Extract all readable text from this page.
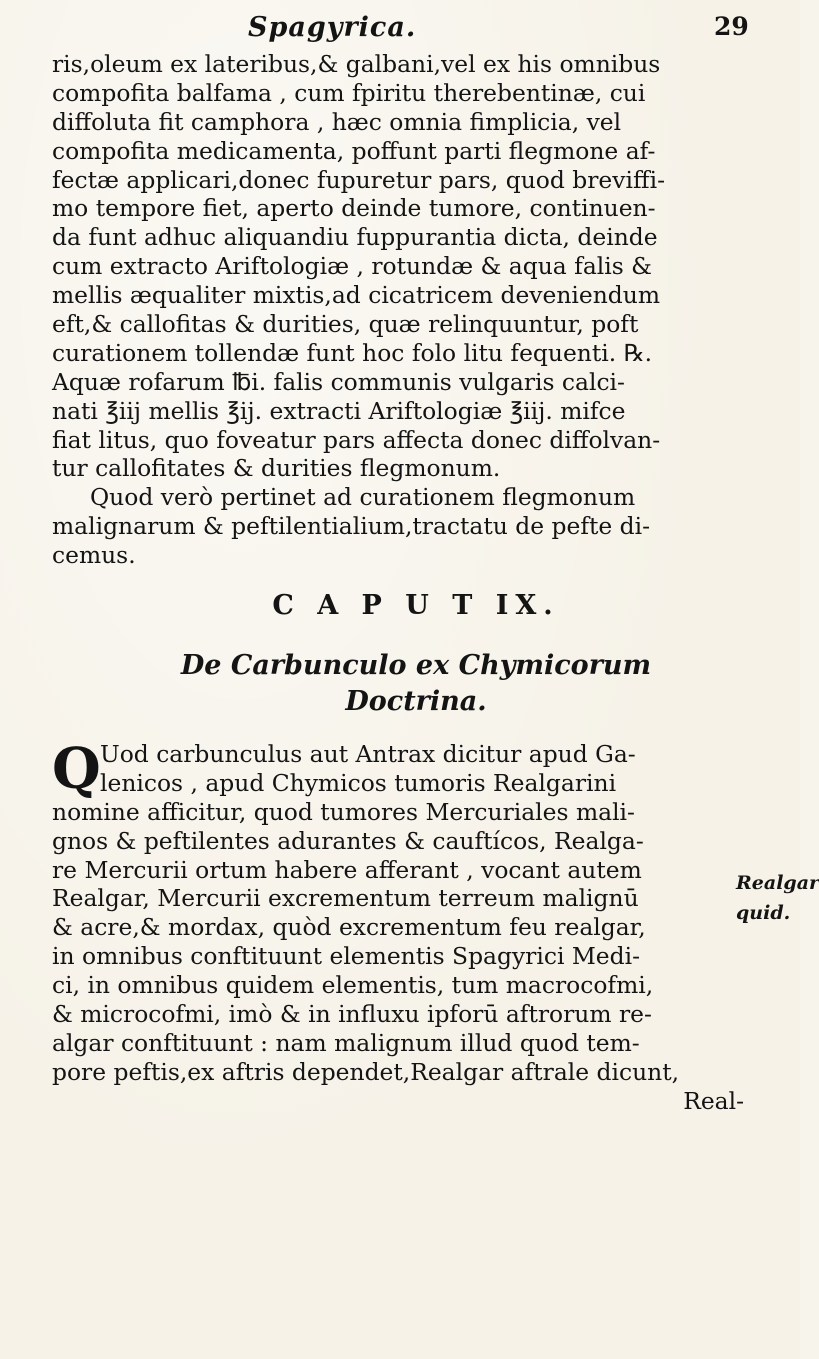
Spagyrica.	29
ris,oleum ex lateribus,& galbani,vel ex his omnibus
compofita balfama , cum fpiritu therebentinæ, cui
diffoluta fit camphora , hæc omnia fimplicia, vel
compofita medicamenta, poffunt parti flegmone af-
fectæ applicari,donec fupuretur pars, quod breviffi-
mo tempore fiet, aperto deinde tumore, continuen-
da funt adhuc aliquandiu fuppurantia dicta, deinde
cum extracto Ariftologiæ , rotundæ & aqua falis &
mellis æqualiter mixtis,ad cicatricem deveniendum
eft,& callofitas & durities, quæ relinquuntur, poft
curationem tollendæ funt hoc folo litu fequenti. ℞.
Aquæ rofarum ℔i. falis communis vulgaris calci-
nati ℥iij mellis ℥ij. extracti Ariftologiæ ℥iij. mifce
fiat litus, quo foveatur pars affecta donec diffolvan-
tur callofitates & durities flegmonum.
Quod verò pertinet ad curationem flegmonum
malignarum & peftilentialium,tractatu de pefte di-
cemus.
C A P U T IX.
De Carbunculo ex Chymicorum
Doctrina.
Q Uod carbunculus aut Antrax dicitur apud Ga-
lenicos , apud Chymicos tumoris Realgarini
nomine afficitur, quod tumores Mercuriales mali-
gnos & peftilentes adurantes & cauftícos, Realga-
re Mercurii ortum habere afferant , vocant autem
Realgar, Mercurii excrementum terreum malignū
& acre,& mordax, quòd excrementum feu realgar,
in omnibus conftituunt elementis Spagyrici Medi-
ci, in omnibus quidem elementis, tum macrocofmi,
& microcofmi, imò & in influxu ipforū aftrorum re-
algar conftituunt : nam malignum illud quod tem-
pore peftis,ex aftris dependet,Realgar aftrale dicunt,
Real-
Realgar
quid.
